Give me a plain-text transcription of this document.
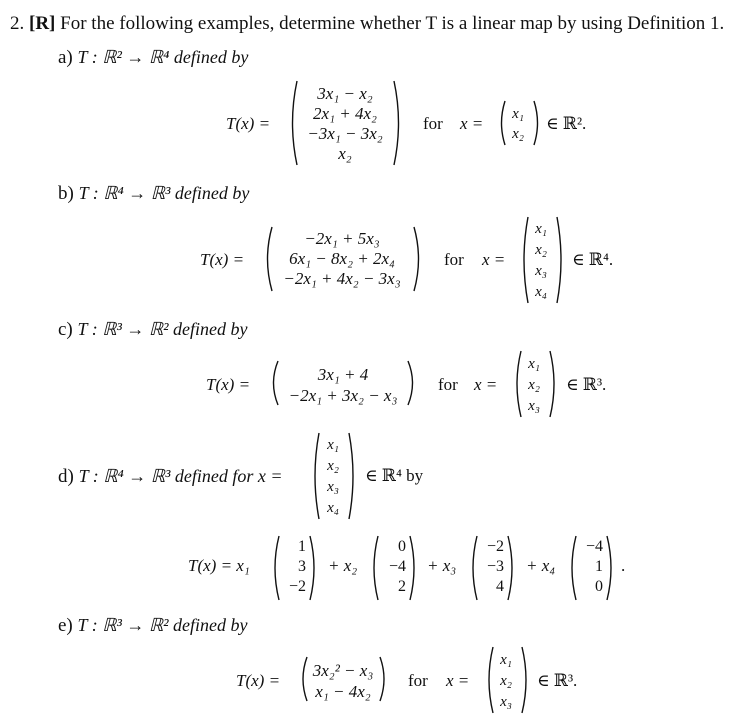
2. [R] For the following examples, determine whether T is a linear map by using Definition 1.
a) T : ℝ² → ℝ⁴ defined by
T(x) =
3x₁ − x₂
2x₁ + 4x₂
−3x₁ − 3x₂
x₂
for x =	x₁
x₂
∈ ℝ².
b) T : ℝ⁴ → ℝ³ defined by
T(x) =
−2x₁ + 5x₃
6x₁ − 8x₂ + 2x₄
−2x₁ + 4x₂ − 3x₃
for x =
x₁
x₂
x₃
x₄
∈ ℝ⁴.
c) T : ℝ³ → ℝ² defined by
T(x) =
3x₁ + 4
−2x₁ + 3x₂ − x₃
for x =
x₁
x₂
x₃
∈ ℝ³.
d) T : ℝ⁴ → ℝ³ defined for x =
x₁
x₂
x₃
x₄
∈ ℝ⁴ by
T(x) = x₁
1
3
−2
+ x₂
0
−4
2
+ x₃
−2
−3
4
+ x₄
−4
1
0
.
e) T : ℝ³ → ℝ² defined by
T(x) =
3x₂² − x₃
x₁ − 4x₂
for x =
x₁
x₂
x₃
∈ ℝ³.
